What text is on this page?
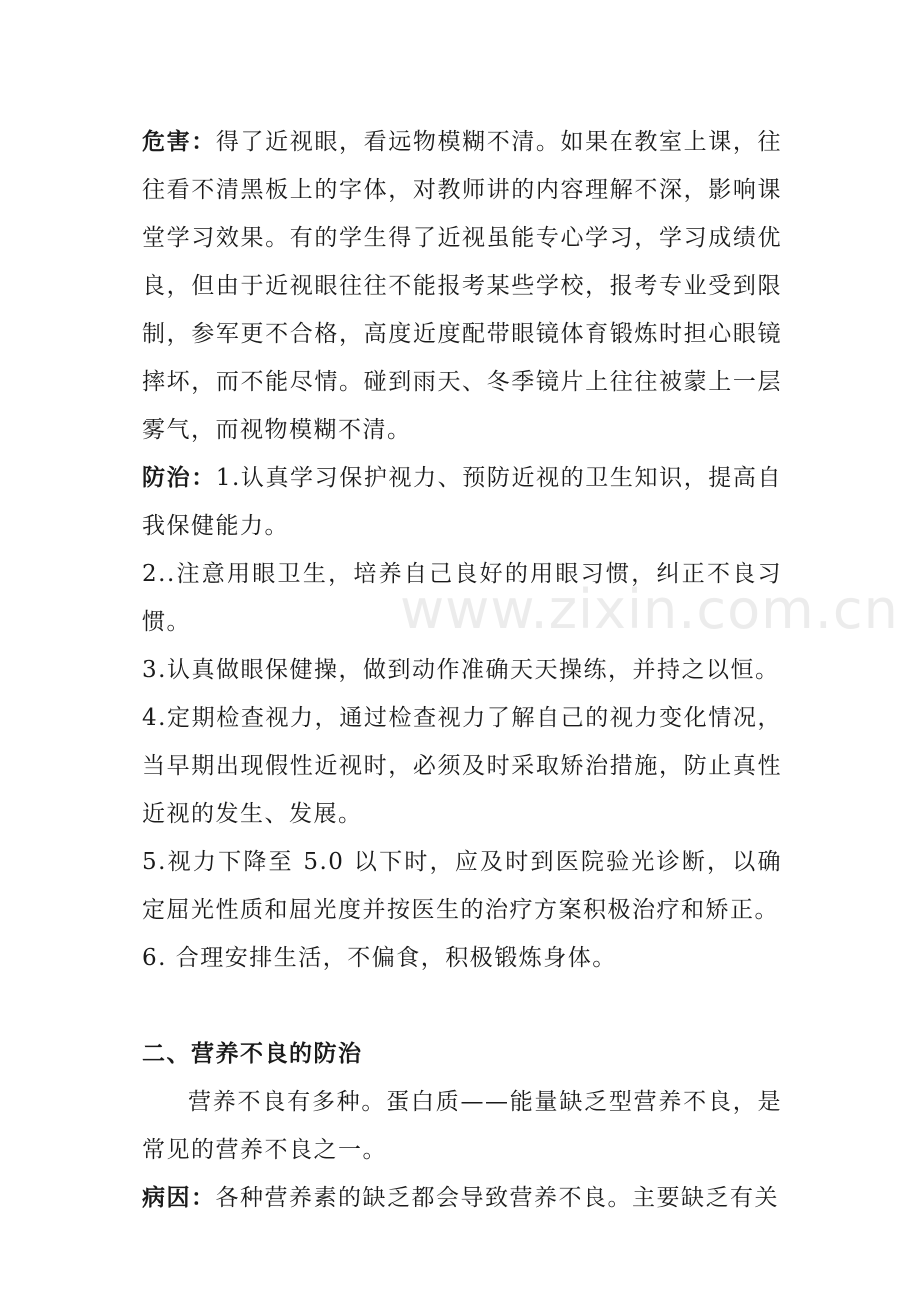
危害：得了近视眼，看远物模糊不清。如果在教室上课，往往看不清黑板上的字体，对教师讲的内容理解不深，影响课堂学习效果。有的学生得了近视虽能专心学习，学习成绩优良，但由于近视眼往往不能报考某些学校，报考专业受到限制，参军更不合格，高度近度配带眼镜体育锻炼时担心眼镜摔坏，而不能尽情。碰到雨天、冬季镜片上往往被蒙上一层雾气，而视物模糊不清。

防治：1.认真学习保护视力、预防近视的卫生知识，提高自我保健能力。

2..注意用眼卫生，培养自己良好的用眼习惯，纠正不良习惯。

3.认真做眼保健操，做到动作准确天天操练，并持之以恒。

4.定期检查视力，通过检查视力了解自己的视力变化情况，当早期出现假性近视时，必须及时采取矫治措施，防止真性近视的发生、发展。

5.视力下降至 5.0 以下时，应及时到医院验光诊断，以确定屈光性质和屈光度并按医生的治疗方案积极治疗和矫正。

6. 合理安排生活，不偏食，积极锻炼身体。

二、营养不良的防治

营养不良有多种。蛋白质——能量缺乏型营养不良，是常见的营养不良之一。

病因：各种营养素的缺乏都会导致营养不良。主要缺乏有关

www.zixin.com.cn
